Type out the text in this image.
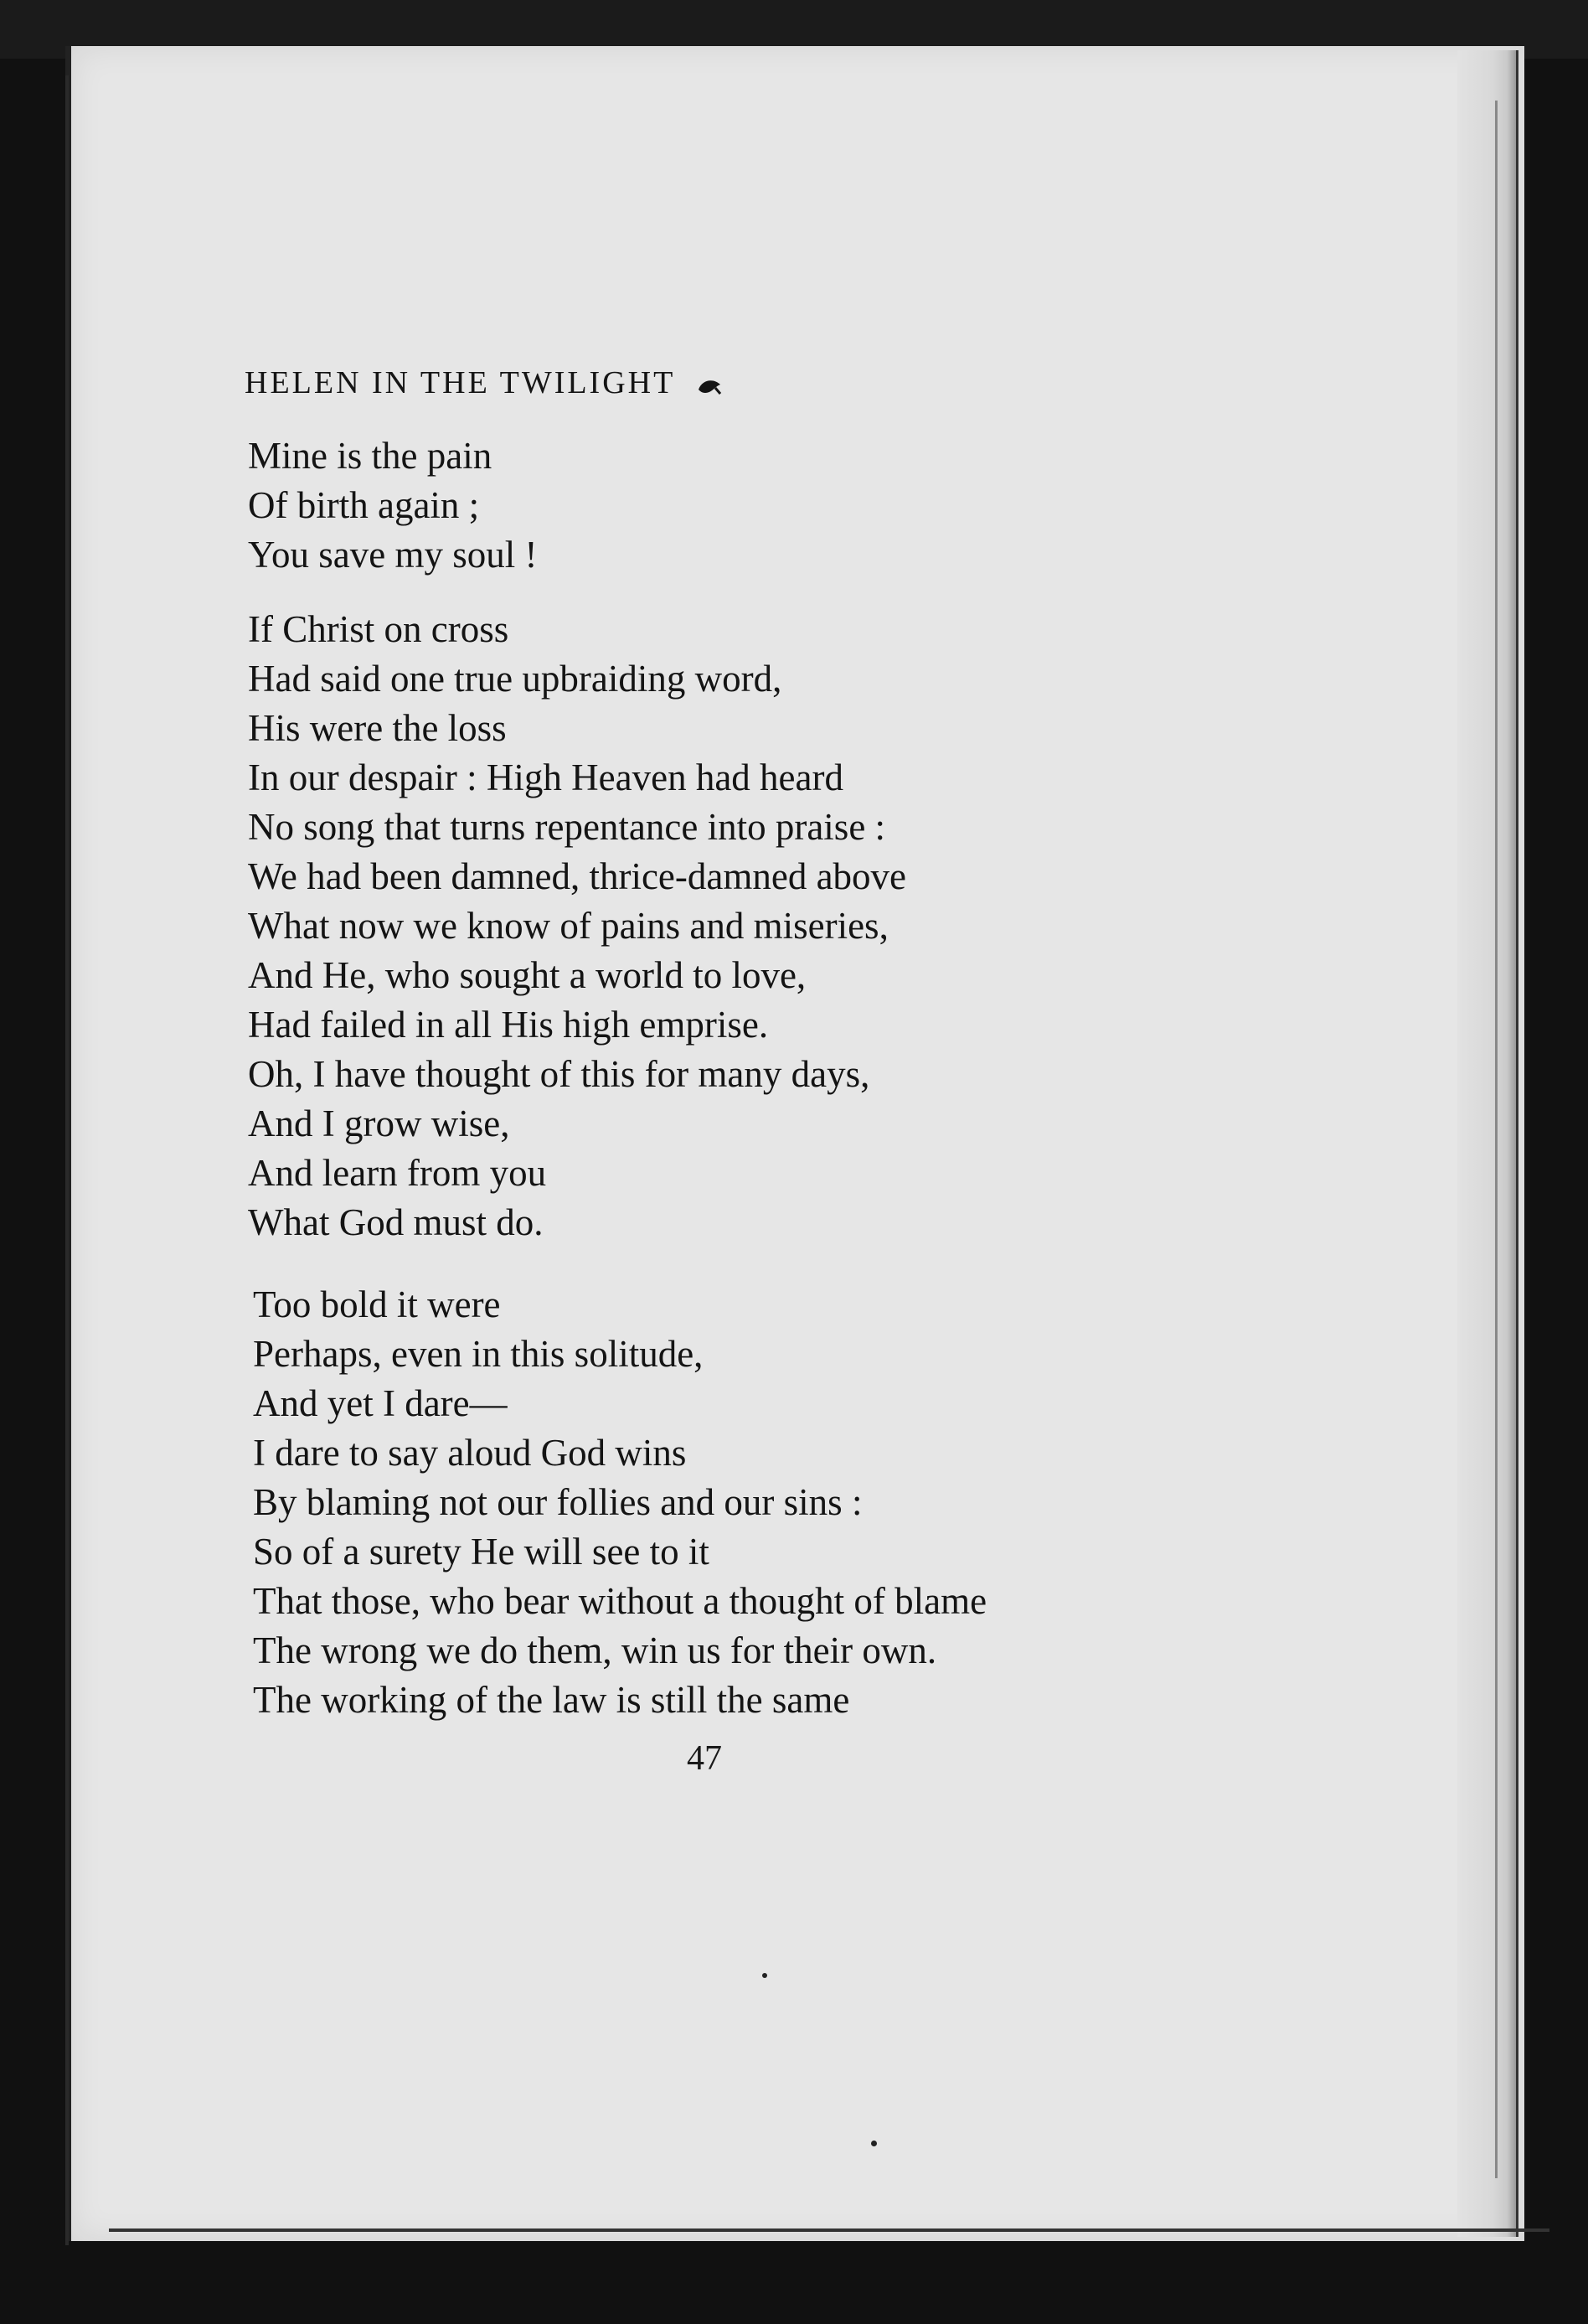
HELEN IN THE TWILIGHT
Mine is the pain
Of birth again ;
You save my soul !
If Christ on cross
Had said one true upbraiding word,
His were the loss
In our despair : High Heaven had heard
No song that turns repentance into praise :
We had been damned, thrice-damned above
What now we know of pains and miseries,
And He, who sought a world to love,
Had failed in all His high emprise.
Oh, I have thought of this for many days,
And I grow wise,
And learn from you
What God must do.
Too bold it were
Perhaps, even in this solitude,
And yet I dare—
I dare to say aloud God wins
By blaming not our follies and our sins :
So of a surety He will see to it
That those, who bear without a thought of blame
The wrong we do them, win us for their own.
The working of the law is still the same
47
